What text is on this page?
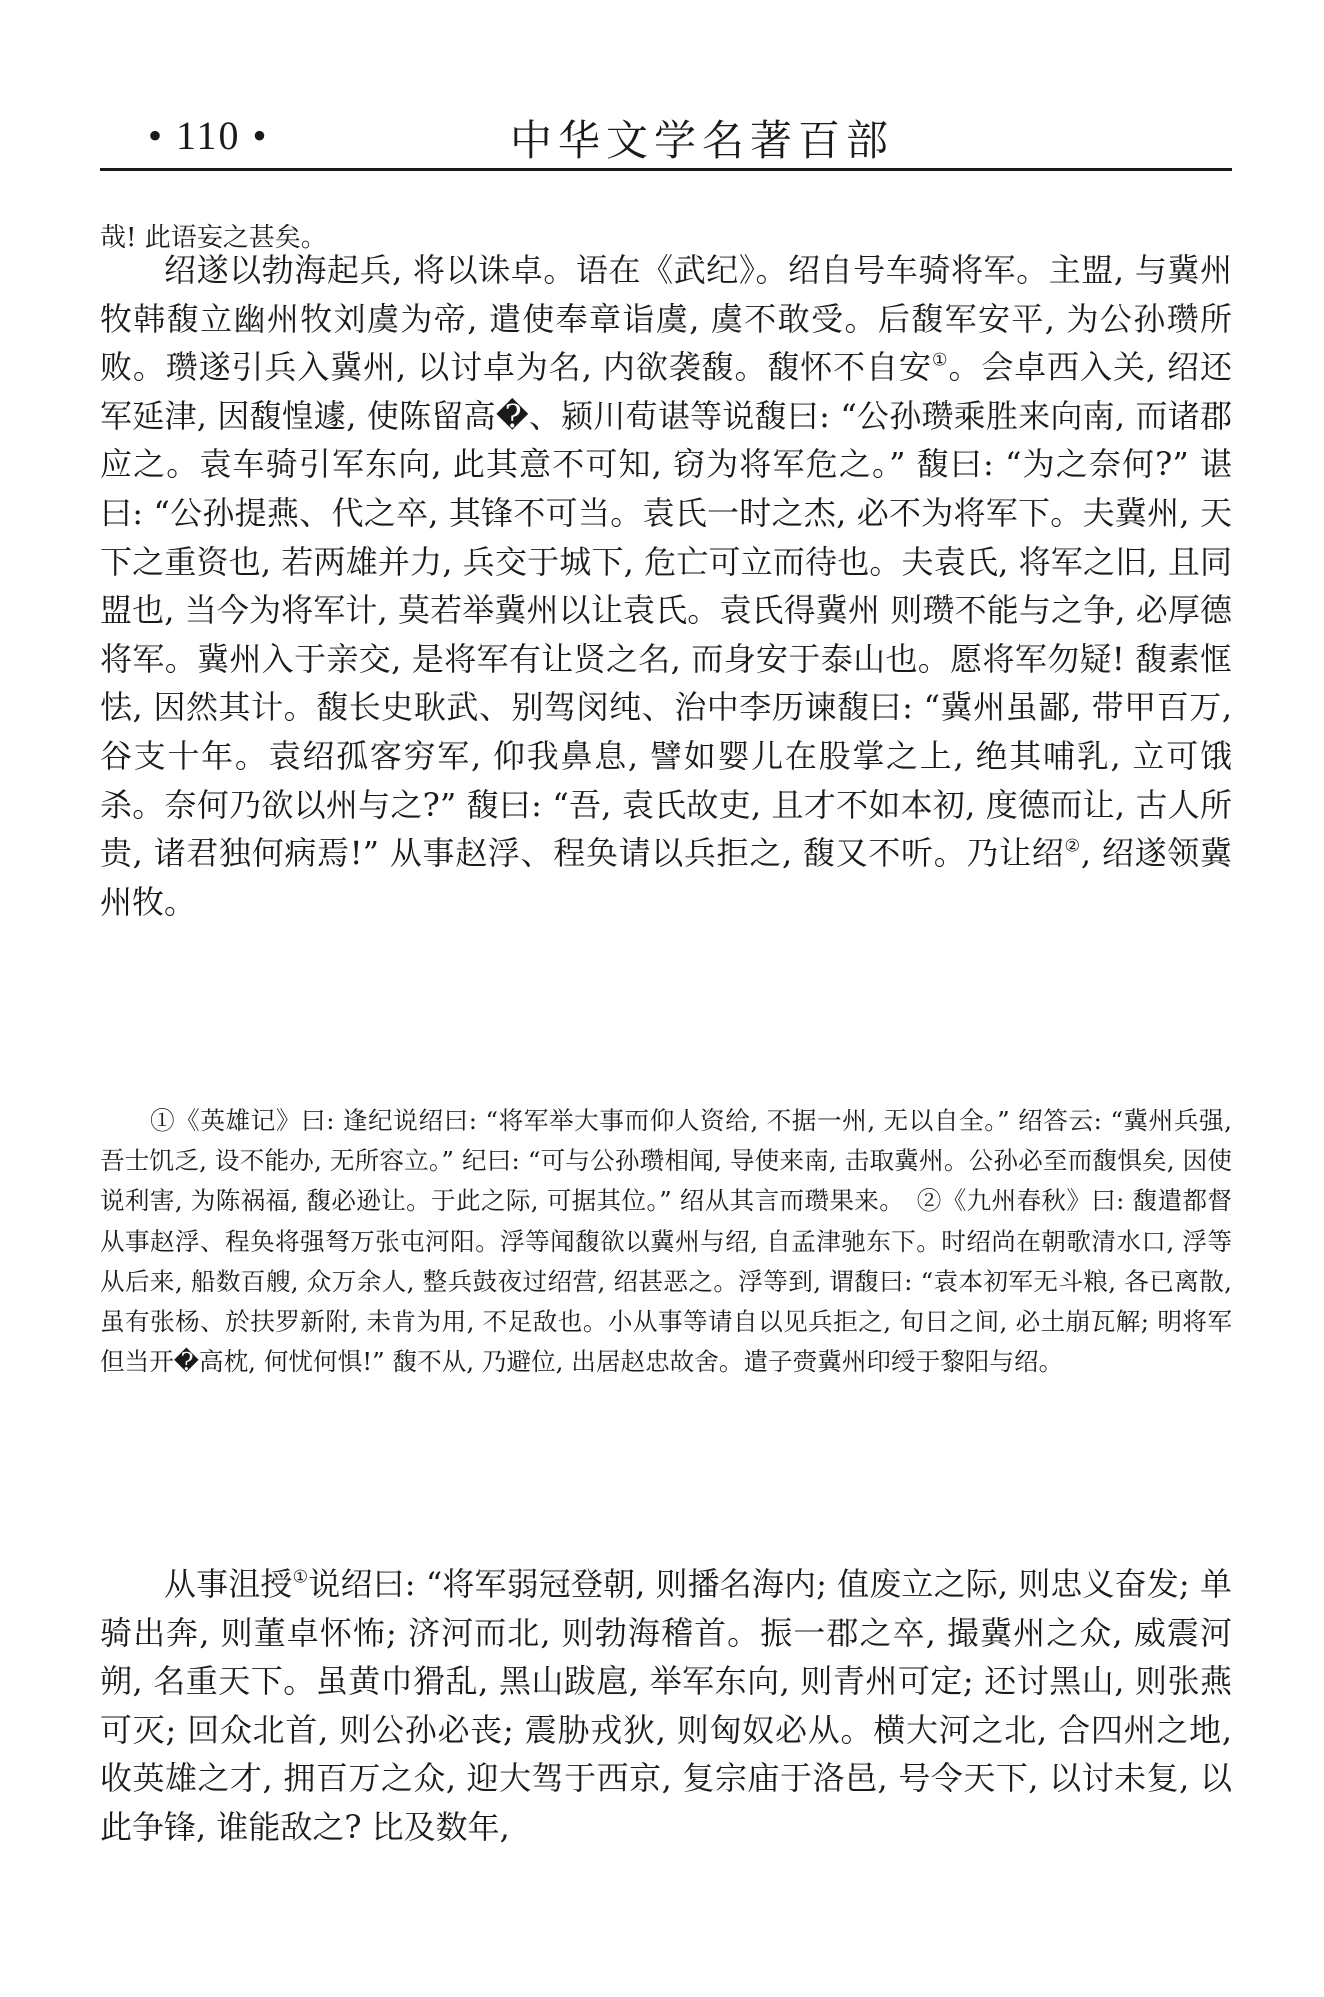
• 110 •	中华文学名著百部
哉! 此语妄之甚矣。
绍遂以勃海起兵, 将以诛卓。语在《武纪》。绍自号车骑将军。主盟, 与冀州牧韩馥立幽州牧刘虞为帝, 遣使奉章诣虞, 虞不敢受。后馥军安平, 为公孙瓒所败。瓒遂引兵入冀州, 以讨卓为名, 内欲袭馥。馥怀不自安①。会卓西入关, 绍还军延津, 因馥惶遽, 使陈留高�、颍川荀谌等说馥曰: “公孙瓒乘胜来向南, 而诸郡应之。袁车骑引军东向, 此其意不可知, 窃为将军危之。” 馥曰: “为之奈何?” 谌曰: “公孙提燕、代之卒, 其锋不可当。袁氏一时之杰, 必不为将军下。夫冀州, 天下之重资也, 若两雄并力, 兵交于城下, 危亡可立而待也。夫袁氏, 将军之旧, 且同盟也, 当今为将军计, 莫若举冀州以让袁氏。袁氏得冀州 则瓒不能与之争, 必厚德将军。冀州入于亲交, 是将军有让贤之名, 而身安于泰山也。愿将军勿疑! 馥素恇怯, 因然其计。馥长史耿武、别驾闵纯、治中李历谏馥曰: “冀州虽鄙, 带甲百万, 谷支十年。袁绍孤客穷军, 仰我鼻息, 譬如婴儿在股掌之上, 绝其哺乳, 立可饿杀。奈何乃欲以州与之?” 馥曰: “吾, 袁氏故吏, 且才不如本初, 度德而让, 古人所贵, 诸君独何病焉!” 从事赵浮、程奂请以兵拒之, 馥又不听。乃让绍②, 绍遂领冀州牧。
①《英雄记》曰: 逢纪说绍曰: “将军举大事而仰人资给, 不据一州, 无以自全。” 绍答云: “冀州兵强, 吾士饥乏, 设不能办, 无所容立。” 纪曰: “可与公孙瓒相闻, 导使来南, 击取冀州。公孙必至而馥惧矣, 因使说利害, 为陈祸福, 馥必逊让。于此之际, 可据其位。” 绍从其言而瓒果来。　②《九州春秋》曰: 馥遣都督从事赵浮、程奂将强弩万张屯河阳。浮等闻馥欲以冀州与绍, 自孟津驰东下。时绍尚在朝歌清水口, 浮等从后来, 船数百艘, 众万余人, 整兵鼓夜过绍营, 绍甚恶之。浮等到, 谓馥曰: “袁本初军无斗粮, 各已离散, 虽有张杨、於扶罗新附, 未肯为用, 不足敌也。小从事等请自以见兵拒之, 旬日之间, 必土崩瓦解; 明将军但当开�高枕, 何忧何惧!” 馥不从, 乃避位, 出居赵忠故舍。遣子赍冀州印绶于黎阳与绍。
从事沮授①说绍曰: “将军弱冠登朝, 则播名海内; 值废立之际, 则忠义奋发; 单骑出奔, 则董卓怀怖; 济河而北, 则勃海稽首。振一郡之卒, 撮冀州之众, 威震河朔, 名重天下。虽黄巾猾乱, 黑山跋扈, 举军东向, 则青州可定; 还讨黑山, 则张燕可灭; 回众北首, 则公孙必丧; 震胁戎狄, 则匈奴必从。横大河之北, 合四州之地, 收英雄之才, 拥百万之众, 迎大驾于西京, 复宗庙于洛邑, 号令天下, 以讨未复, 以此争锋, 谁能敌之? 比及数年,
